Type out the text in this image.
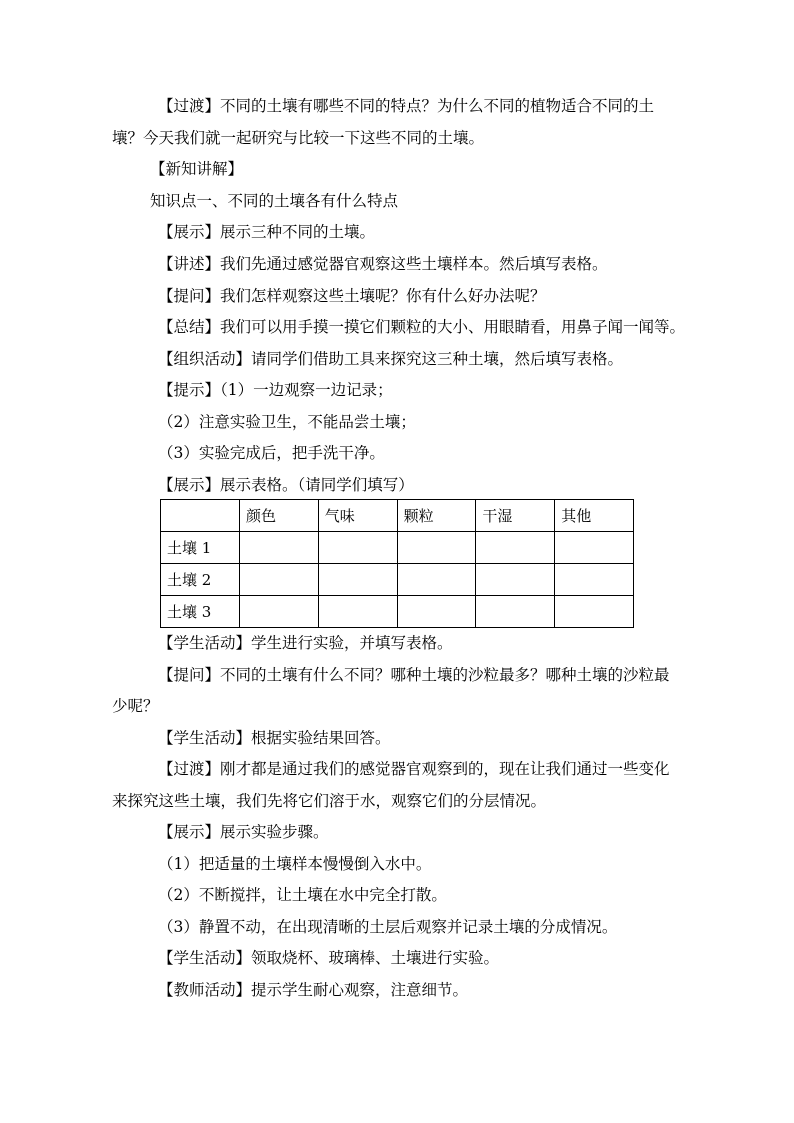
【过渡】不同的土壤有哪些不同的特点？为什么不同的植物适合不同的土
壤？今天我们就一起研究与比较一下这些不同的土壤。
【新知讲解】
知识点一、不同的土壤各有什么特点
【展示】展示三种不同的土壤。
【讲述】我们先通过感觉器官观察这些土壤样本。然后填写表格。
【提问】我们怎样观察这些土壤呢？你有什么好办法呢？
【总结】我们可以用手摸一摸它们颗粒的大小、用眼睛看，用鼻子闻一闻等。
【组织活动】请同学们借助工具来探究这三种土壤，然后填写表格。
【提示】（1）一边观察一边记录；
（2）注意实验卫生，不能品尝土壤；
（3）实验完成后，把手洗干净。
【展示】展示表格。（请同学们填写）
	颜色	气味	颗粒	干湿	其他
土壤 1					
土壤 2					
土壤 3					
【学生活动】学生进行实验，并填写表格。
【提问】不同的土壤有什么不同？哪种土壤的沙粒最多？哪种土壤的沙粒最
少呢？
【学生活动】根据实验结果回答。
【过渡】刚才都是通过我们的感觉器官观察到的，现在让我们通过一些变化
来探究这些土壤，我们先将它们溶于水，观察它们的分层情况。
【展示】展示实验步骤。
（1）把适量的土壤样本慢慢倒入水中。
（2）不断搅拌，让土壤在水中完全打散。
（3）静置不动，在出现清晰的土层后观察并记录土壤的分成情况。
【学生活动】领取烧杯、玻璃棒、土壤进行实验。
【教师活动】提示学生耐心观察，注意细节。
